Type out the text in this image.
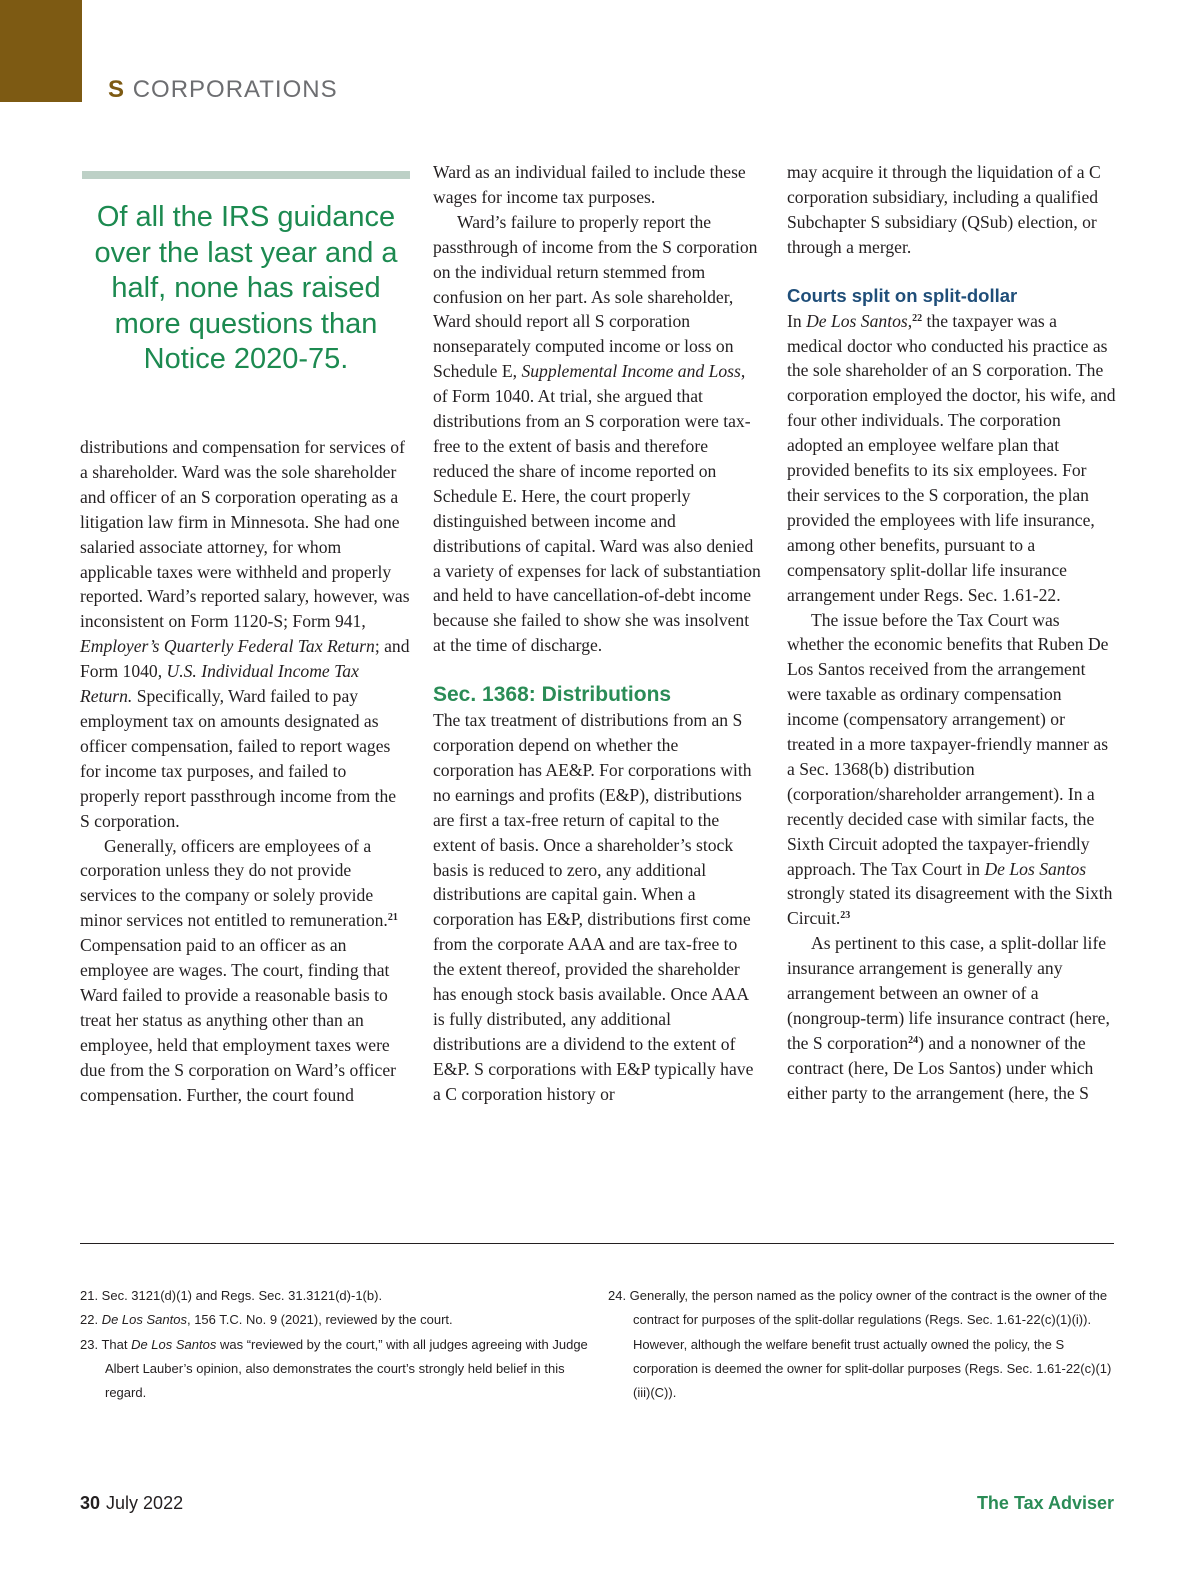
S CORPORATIONS
Of all the IRS guidance over the last year and a half, none has raised more questions than Notice 2020-75.

distributions and compensation for services of a shareholder. Ward was the sole shareholder and officer of an S corporation operating as a litigation law firm in Minnesota. She had one salaried associate attorney, for whom applicable taxes were withheld and properly reported. Ward’s reported salary, however, was inconsistent on Form 1120-S; Form 941, Employer’s Quarterly Federal Tax Return; and Form 1040, U.S. Individual Income Tax Return. Specifically, Ward failed to pay employment tax on amounts designated as officer compensation, failed to report wages for income tax purposes, and failed to properly report passthrough income from the S corporation.

Generally, officers are employees of a corporation unless they do not provide services to the company or solely provide minor services not entitled to remuneration.$^{21}$ Compensation paid to an officer as an employee are wages. The court, finding that Ward failed to provide a reasonable basis to treat her status as anything other than an employee, held that employment taxes were due from the S corporation on Ward’s officer compensation. Further, the court found

Ward as an individual failed to include these wages for income tax purposes.

Ward’s failure to properly report the passthrough of income from the S corporation on the individual return stemmed from confusion on her part. As sole shareholder, Ward should report all S corporation nonseparately computed income or loss on Schedule E, Supplemental Income and Loss, of Form 1040. At trial, she argued that distributions from an S corporation were tax-free to the extent of basis and therefore reduced the share of income reported on Schedule E. Here, the court properly distinguished between income and distributions of capital. Ward was also denied a variety of expenses for lack of substantiation and held to have cancellation-of-debt income because she failed to show she was insolvent at the time of discharge.

Sec. 1368: Distributions

The tax treatment of distributions from an S corporation depend on whether the corporation has AE&P. For corporations with no earnings and profits (E&P), distributions are first a tax-free return of capital to the extent of basis. Once a shareholder’s stock basis is reduced to zero, any additional distributions are capital gain. When a corporation has E&P, distributions first come from the corporate AAA and are tax-free to the extent thereof, provided the shareholder has enough stock basis available. Once AAA is fully distributed, any additional distributions are a dividend to the extent of E&P. S corporations with E&P typically have a C corporation history or

may acquire it through the liquidation of a C corporation subsidiary, including a qualified Subchapter S subsidiary (QSub) election, or through a merger.

Courts split on split-dollar

In De Los Santos,$^{22}$ the taxpayer was a medical doctor who conducted his practice as the sole shareholder of an S corporation. The corporation employed the doctor, his wife, and four other individuals. The corporation adopted an employee welfare plan that provided benefits to its six employees. For their services to the S corporation, the plan provided the employees with life insurance, among other benefits, pursuant to a compensatory split-dollar life insurance arrangement under Regs. Sec. 1.61-22.

The issue before the Tax Court was whether the economic benefits that Ruben De Los Santos received from the arrangement were taxable as ordinary compensation income (compensatory arrangement) or treated in a more taxpayer-friendly manner as a Sec. 1368(b) distribution (corporation/shareholder arrangement). In a recently decided case with similar facts, the Sixth Circuit adopted the taxpayer-friendly approach. The Tax Court in De Los Santos strongly stated its disagreement with the Sixth Circuit.$^{23}$

As pertinent to this case, a split-dollar life insurance arrangement is generally any arrangement between an owner of a (nongroup-term) life insurance contract (here, the S corporation$^{24}$) and a nonowner of the contract (here, De Los Santos) under which either party to the arrangement (here, the S

21. Sec. 3121(d)(1) and Regs. Sec. 31.3121(d)-1(b).
22. De Los Santos, 156 T.C. No. 9 (2021), reviewed by the court.
23. That De Los Santos was “reviewed by the court,” with all judges agreeing with Judge Albert Lauber’s opinion, also demonstrates the court’s strongly held belief in this regard.
24. Generally, the person named as the policy owner of the contract is the owner of the contract for purposes of the split-dollar regulations (Regs. Sec. 1.61-22(c)(1)(i)). However, although the welfare benefit trust actually owned the policy, the S corporation is deemed the owner for split-dollar purposes (Regs. Sec. 1.61-22(c)(1)(iii)(C)).
30 July 2022	The Tax Adviser
